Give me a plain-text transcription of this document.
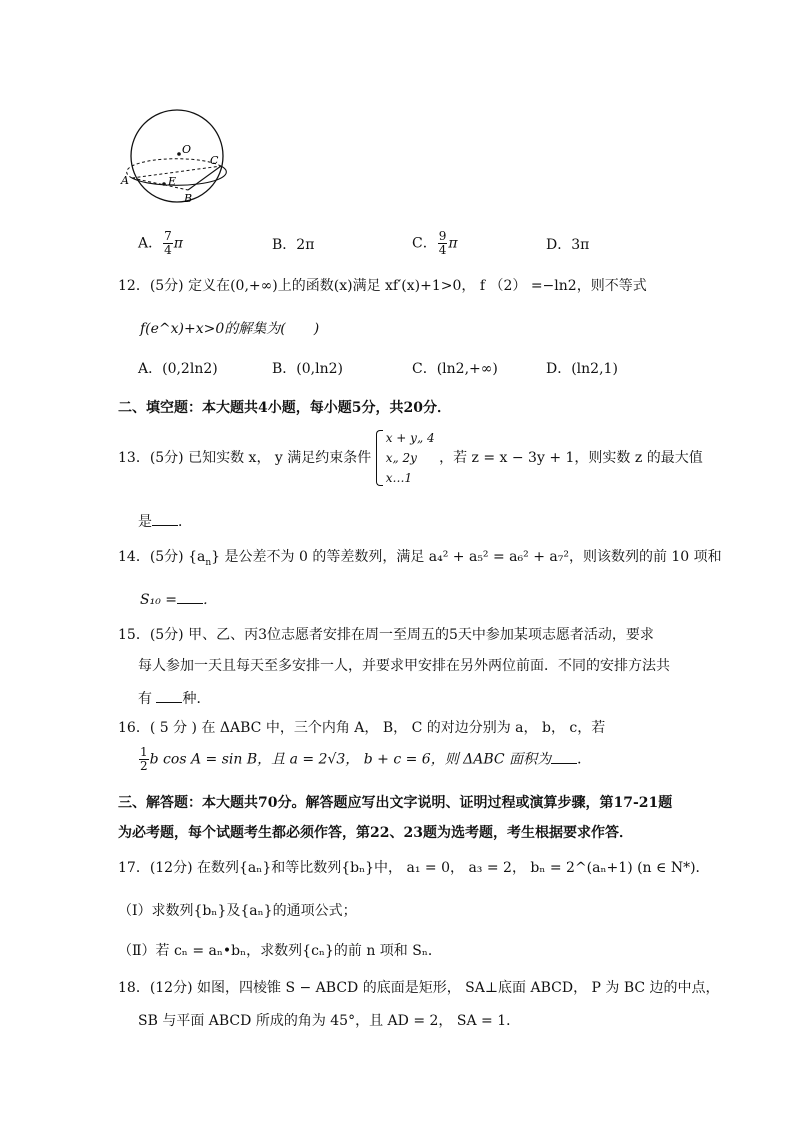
O
C
A	E
B
A． $\frac{7}{4}$ π	B．2π	C． $\frac{9}{4}$ π	D．3π
12．(5分) 定义在(0,+∞)上的函数(x)满足 xf′(x)+1>0， f （2） =−ln2，则不等式
f(e^x)+x>0的解集为(　　)
A．(0,2ln2)	B．(0,ln2)	C．(ln2,+∞)	D．(ln2,1)
二、填空题：本大题共4小题，每小题5分，共20分．
13．(5分) 已知实数 x， y 满足约束条件
x + y„ 4
x„ 2y
x…1
，若 z = x − 3y + 1，则实数 z 的最大值
是 ．
14．(5分) $\{a_n\}$ 是公差不为 0 的等差数列，满足 a₄² + a₅² = a₆² + a₇²，则该数列的前 10 项和
S₁₀ = ．
15．(5分) 甲、乙、丙3位志愿者安排在周一至周五的5天中参加某项志愿者活动，要求
每人参加一天且每天至多安排一人，并要求甲安排在另外两位前面．不同的安排方法共
有 种．
16．( 5 分 ) 在 ΔABC 中，三个内角 A， B， C 的对边分别为 a， b， c，若
$\frac{1}{2}$ b cos A = sin B，且 a = 2√3， b + c = 6，则 ΔABC 面积为 ．
三、解答题：本大题共70分。解答题应写出文字说明、证明过程或演算步骤，第17-21题
为必考题，每个试题考生都必须作答，第22、23题为选考题，考生根据要求作答．
17．(12分) 在数列{aₙ}和等比数列{bₙ}中， a₁ = 0， a₃ = 2， bₙ = 2^(aₙ+1) (n ∈ N*)．
（Ⅰ）求数列{bₙ}及{aₙ}的通项公式；
（Ⅱ）若 cₙ = aₙ•bₙ，求数列{cₙ}的前 n 项和 Sₙ．
18．(12分) 如图，四棱锥 S − ABCD 的底面是矩形， SA⊥底面 ABCD， P 为 BC 边的中点，
SB 与平面 ABCD 所成的角为 45°，且 AD = 2， SA = 1．
